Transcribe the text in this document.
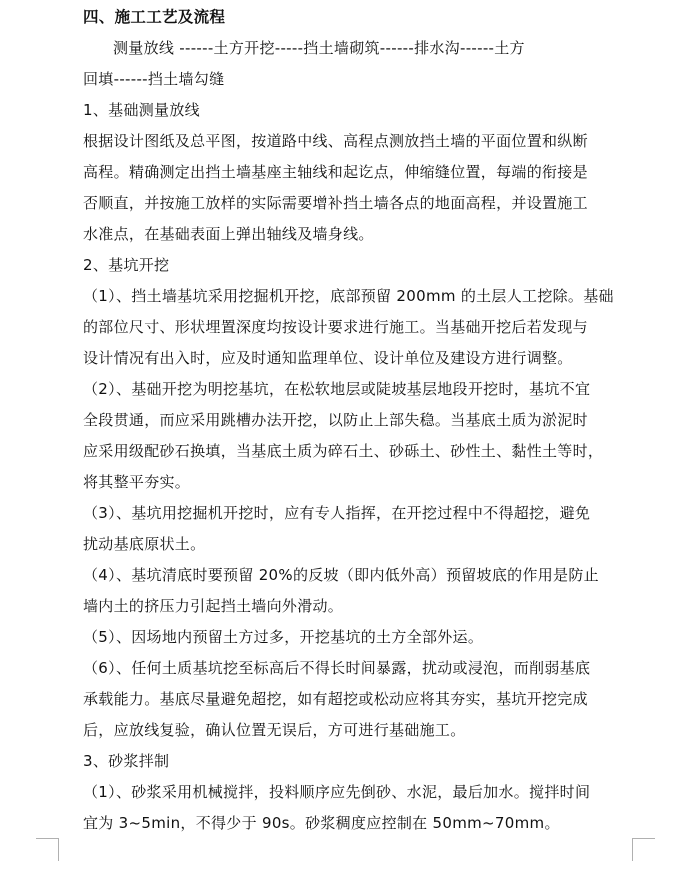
四、施工工艺及流程
测量放线 ------土方开挖-----挡土墙砌筑------排水沟------土方
回填------挡土墙勾缝
1、基础测量放线
根据设计图纸及总平图，按道路中线、高程点测放挡土墙的平面位置和纵断
高程。精确测定出挡土墙基座主轴线和起讫点，伸缩缝位置，每端的衔接是
否顺直，并按施工放样的实际需要增补挡土墙各点的地面高程，并设置施工
水准点，在基础表面上弹出轴线及墙身线。
2、基坑开挖
（1）、挡土墙基坑采用挖掘机开挖，底部预留 200mm 的土层人工挖除。基础
的部位尺寸、形状埋置深度均按设计要求进行施工。当基础开挖后若发现与
设计情况有出入时，应及时通知监理单位、设计单位及建设方进行调整。
（2）、基础开挖为明挖基坑，在松软地层或陡坡基层地段开挖时，基坑不宜
全段贯通，而应采用跳槽办法开挖，以防止上部失稳。当基底土质为淤泥时
应采用级配砂石换填，当基底土质为碎石土、砂砾土、砂性土、黏性土等时，
将其整平夯实。
（3）、基坑用挖掘机开挖时，应有专人指挥，在开挖过程中不得超挖，避免
扰动基底原状土。
（4）、基坑清底时要预留 20%的反坡（即内低外高）预留坡底的作用是防止
墙内土的挤压力引起挡土墙向外滑动。
（5）、因场地内预留土方过多，开挖基坑的土方全部外运。
（6）、任何土质基坑挖至标高后不得长时间暴露，扰动或浸泡，而削弱基底
承载能力。基底尽量避免超挖，如有超挖或松动应将其夯实，基坑开挖完成
后，应放线复验，确认位置无误后，方可进行基础施工。
3、砂浆拌制
（1）、砂浆采用机械搅拌，投料顺序应先倒砂、水泥，最后加水。搅拌时间
宜为 3~5min，不得少于 90s。砂浆稠度应控制在 50mm~70mm。
